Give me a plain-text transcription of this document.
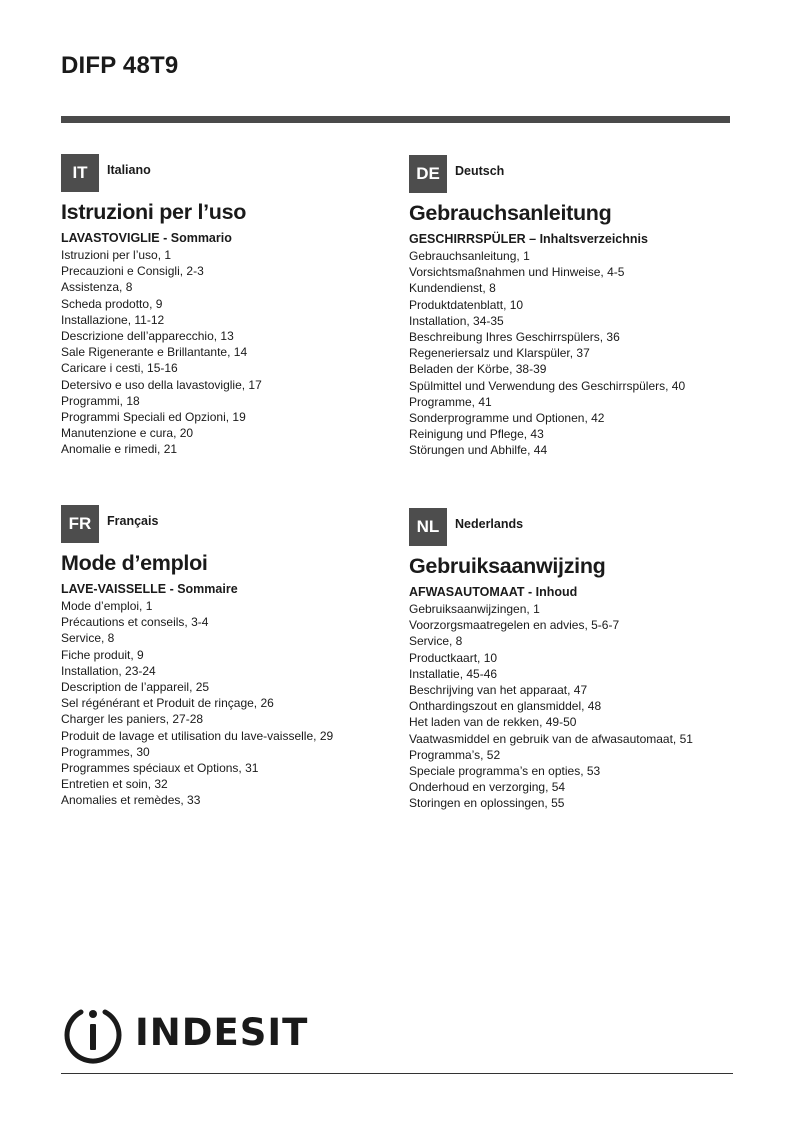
DIFP 48T9
IT	Italiano
Istruzioni per l’uso
LAVASTOVIGLIE - Sommario
Istruzioni per l’uso, 1
Precauzioni e Consigli, 2-3
Assistenza, 8
Scheda prodotto, 9
Installazione, 11-12
Descrizione dell’apparecchio, 13
Sale Rigenerante e Brillantante, 14
Caricare i cesti, 15-16
Detersivo e uso della lavastoviglie, 17
Programmi, 18
Programmi Speciali ed Opzioni, 19
Manutenzione e cura, 20
Anomalie e rimedi, 21
DE	Deutsch
Gebrauchsanleitung
GESCHIRRSPÜLER – Inhaltsverzeichnis
Gebrauchsanleitung, 1
Vorsichtsmaßnahmen und Hinweise, 4-5
Kundendienst, 8
Produktdatenblatt, 10
Installation, 34-35
Beschreibung Ihres Geschirrspülers, 36
Regeneriersalz und Klarspüler, 37
Beladen der Körbe, 38-39
Spülmittel und Verwendung des Geschirrspülers, 40
Programme, 41
Sonderprogramme und Optionen, 42
Reinigung und Pflege, 43
Störungen und Abhilfe, 44
FR	Français
Mode d’emploi
LAVE-VAISSELLE - Sommaire
Mode d’emploi, 1
Précautions et conseils, 3-4
Service, 8
Fiche produit, 9
Installation, 23-24
Description de l’appareil, 25
Sel régénérant et Produit de rinçage, 26
Charger les paniers, 27-28
Produit de lavage et utilisation du lave-vaisselle, 29
Programmes, 30
Programmes spéciaux et Options, 31
Entretien et soin, 32
Anomalies et remèdes, 33
NL	Nederlands
Gebruiksaanwijzing
AFWASAUTOMAAT - Inhoud
Gebruiksaanwijzingen, 1
Voorzorgsmaatregelen en advies, 5-6-7
Service, 8
Productkaart, 10
Installatie, 45-46
Beschrijving van het apparaat, 47
Onthardingszout en glansmiddel, 48
Het laden van de rekken, 49-50
Vaatwasmiddel en gebruik van de afwasautomaat, 51
Programma’s, 52
Speciale programma’s en opties, 53
Onderhoud en verzorging, 54
Storingen en oplossingen, 55
INDESIT
